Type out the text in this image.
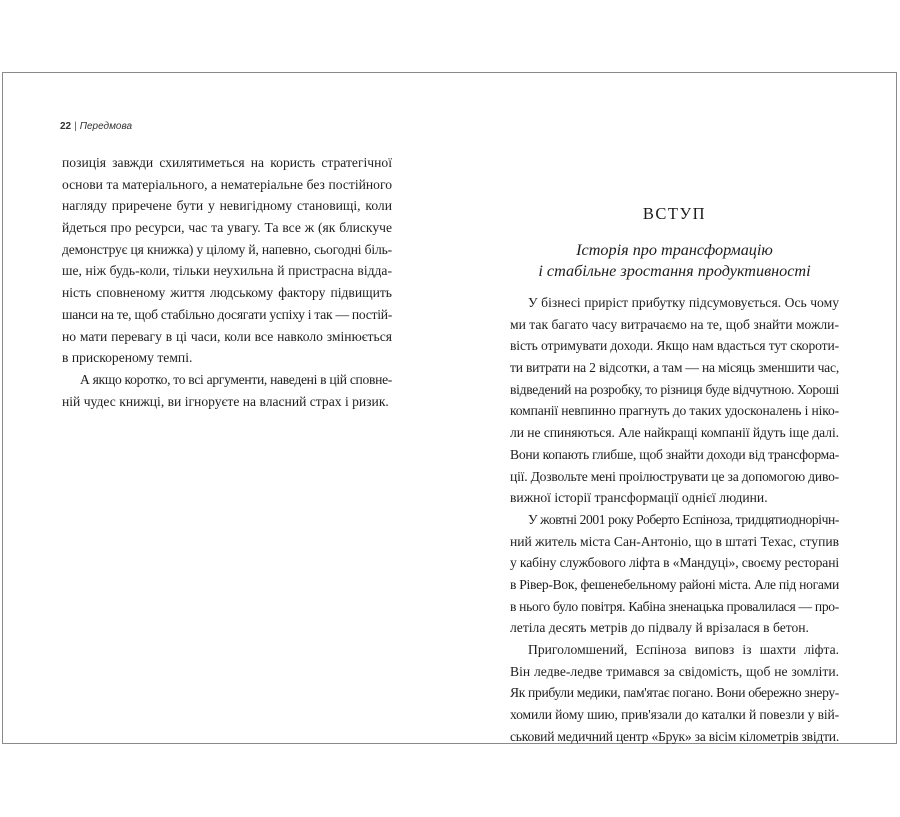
22 | Передмова
позиція завжди схилятиметься на користь стратегічної
основи та матеріального, а нематеріальне без постійного
нагляду приречене бути у невигідному становищі, коли
йдеться про ресурси, час та увагу. Та все ж (як блискуче
демонструє ця книжка) у цілому й, напевно, сьогодні біль-
ше, ніж будь-коли, тільки неухильна й пристрасна відда-
ність сповненому життя людському фактору підвищить
шанси на те, щоб стабільно досягати успіху і так — постій-
но мати перевагу в ці часи, коли все навколо змінюється
в прискореному темпі.
А якщо коротко, то всі аргументи, наведені в цій сповне-
ній чудес книжці, ви ігноруєте на власний страх і ризик.
ВСТУП
Історія про трансформацію
і стабільне зростання продуктивності
У бізнесі приріст прибутку підсумовується. Ось чому
ми так багато часу витрачаємо на те, щоб знайти можли-
вість отримувати доходи. Якщо нам вдасться тут скороти-
ти витрати на 2 відсотки, а там — на місяць зменшити час,
відведений на розробку, то різниця буде відчутною. Хороші
компанії невпинно прагнуть до таких удосконалень і ніко-
ли не спиняються. Але найкращі компанії йдуть іще далі.
Вони копають глибше, щоб знайти доходи від трансформа-
ції. Дозвольте мені проілюструвати це за допомогою диво-
вижної історії трансформації однієї людини.
У жовтні 2001 року Роберто Еспіноза, тридцятиоднорічн-
ний житель міста Сан-Антоніо, що в штаті Техас, ступив
у кабіну службового ліфта в «Мандуці», своєму ресторані
в Рівер-Вок, фешенебельному районі міста. Але під ногами
в нього було повітря. Кабіна зненацька провалилася — про-
летіла десять метрів до підвалу й врізалася в бетон.
Приголомшений, Еспіноза виповз із шахти ліфта.
Він ледве-ледве тримався за свідомість, щоб не зомліти.
Як прибули медики, пам'ятає погано. Вони обережно знеру-
хомили йому шию, прив'язали до каталки й повезли у вій-
ськовий медичний центр «Брук» за вісім кілометрів звідти.
